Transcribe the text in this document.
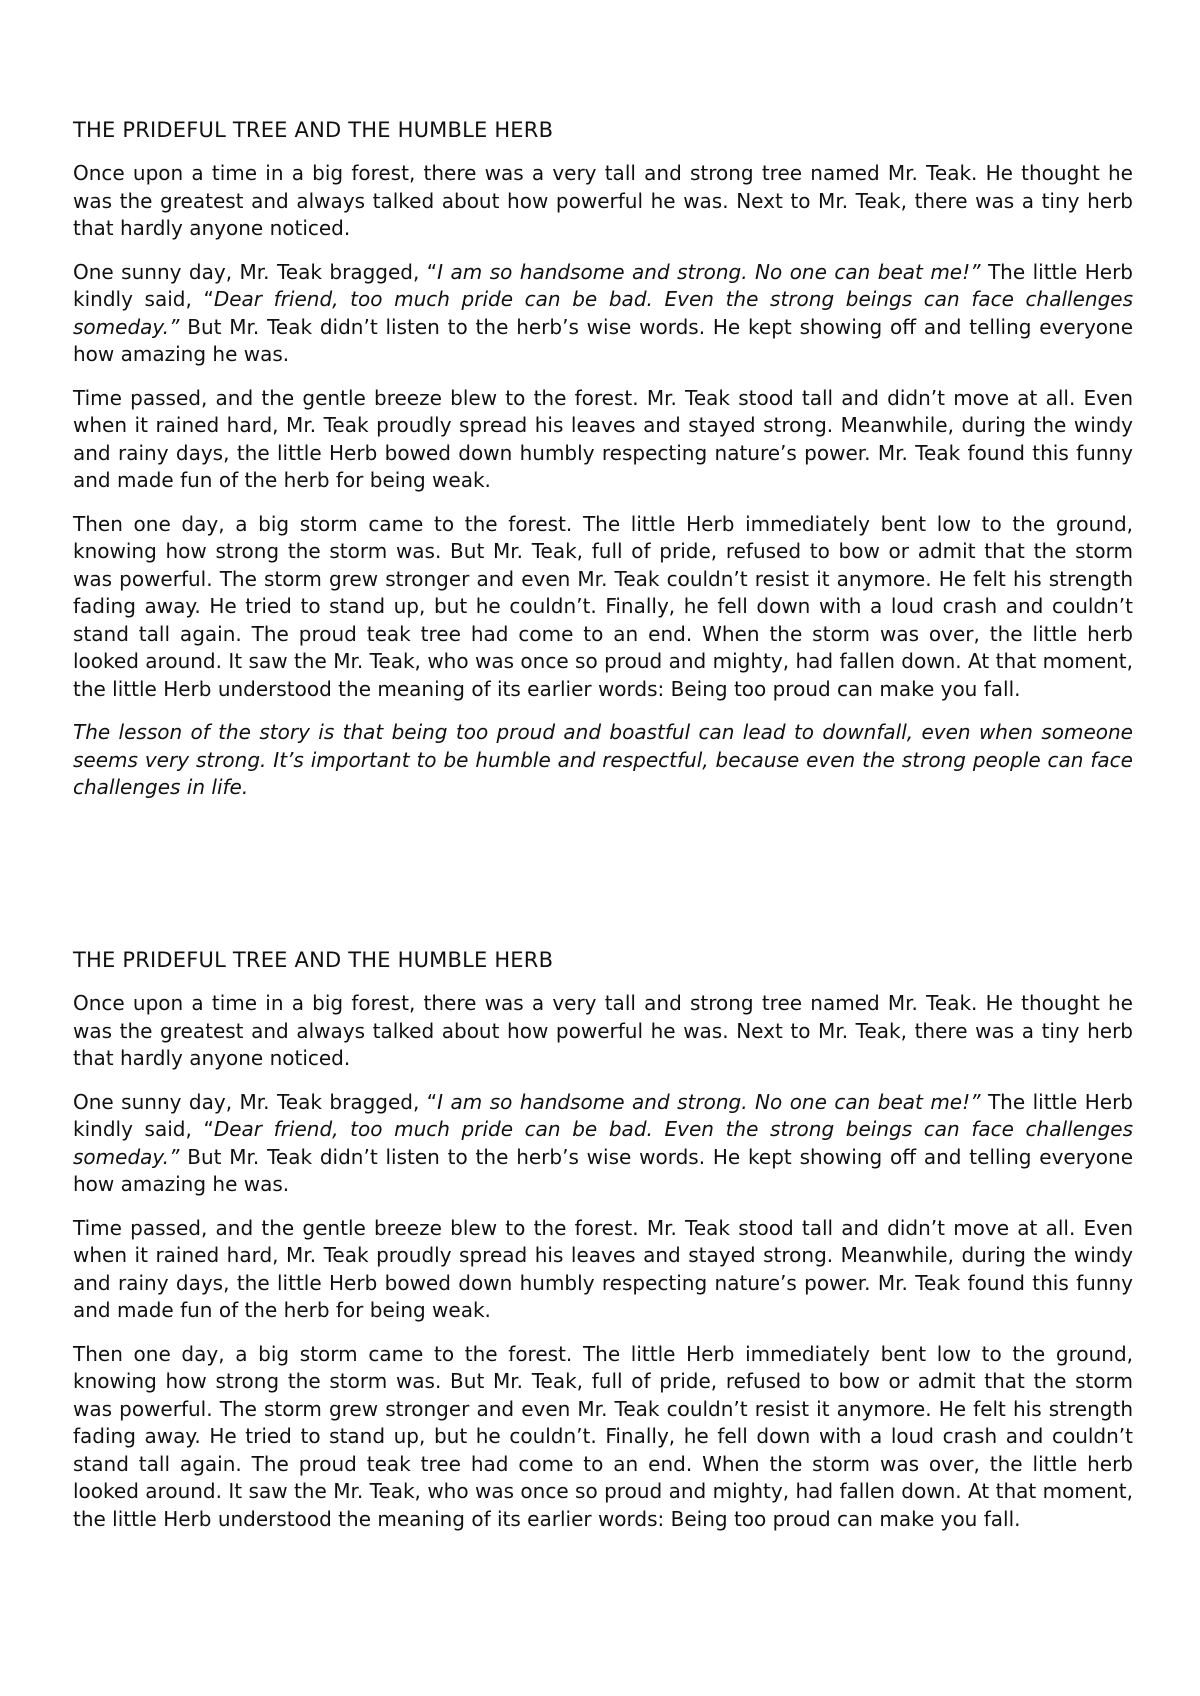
THE PRIDEFUL TREE AND THE HUMBLE HERB

Once upon a time in a big forest, there was a very tall and strong tree named Mr. Teak. He thought he was the greatest and always talked about how powerful he was. Next to Mr. Teak, there was a tiny herb that hardly anyone noticed.

One sunny day, Mr. Teak bragged, “I am so handsome and strong. No one can beat me!” The little Herb kindly said, “Dear friend, too much pride can be bad. Even the strong beings can face challenges someday.” But Mr. Teak didn’t listen to the herb’s wise words. He kept showing off and telling everyone how amazing he was.

Time passed, and the gentle breeze blew to the forest. Mr. Teak stood tall and didn’t move at all. Even when it rained hard, Mr. Teak proudly spread his leaves and stayed strong. Meanwhile, during the windy and rainy days, the little Herb bowed down humbly respecting nature’s power. Mr. Teak found this funny and made fun of the herb for being weak.

Then one day, a big storm came to the forest. The little Herb immediately bent low to the ground, knowing how strong the storm was. But Mr. Teak, full of pride, refused to bow or admit that the storm was powerful. The storm grew stronger and even Mr. Teak couldn’t resist it anymore. He felt his strength fading away. He tried to stand up, but he couldn’t. Finally, he fell down with a loud crash and couldn’t stand tall again. The proud teak tree had come to an end. When the storm was over, the little herb looked around. It saw the Mr. Teak, who was once so proud and mighty, had fallen down. At that moment, the little Herb understood the meaning of its earlier words: Being too proud can make you fall.

The lesson of the story is that being too proud and boastful can lead to downfall, even when someone seems very strong. It’s important to be humble and respectful, because even the strong people can face challenges in life.

THE PRIDEFUL TREE AND THE HUMBLE HERB

Once upon a time in a big forest, there was a very tall and strong tree named Mr. Teak. He thought he was the greatest and always talked about how powerful he was. Next to Mr. Teak, there was a tiny herb that hardly anyone noticed.

One sunny day, Mr. Teak bragged, “I am so handsome and strong. No one can beat me!” The little Herb kindly said, “Dear friend, too much pride can be bad. Even the strong beings can face challenges someday.” But Mr. Teak didn’t listen to the herb’s wise words. He kept showing off and telling everyone how amazing he was.

Time passed, and the gentle breeze blew to the forest. Mr. Teak stood tall and didn’t move at all. Even when it rained hard, Mr. Teak proudly spread his leaves and stayed strong. Meanwhile, during the windy and rainy days, the little Herb bowed down humbly respecting nature’s power. Mr. Teak found this funny and made fun of the herb for being weak.

Then one day, a big storm came to the forest. The little Herb immediately bent low to the ground, knowing how strong the storm was. But Mr. Teak, full of pride, refused to bow or admit that the storm was powerful. The storm grew stronger and even Mr. Teak couldn’t resist it anymore. He felt his strength fading away. He tried to stand up, but he couldn’t. Finally, he fell down with a loud crash and couldn’t stand tall again. The proud teak tree had come to an end. When the storm was over, the little herb looked around. It saw the Mr. Teak, who was once so proud and mighty, had fallen down. At that moment, the little Herb understood the meaning of its earlier words: Being too proud can make you fall.
